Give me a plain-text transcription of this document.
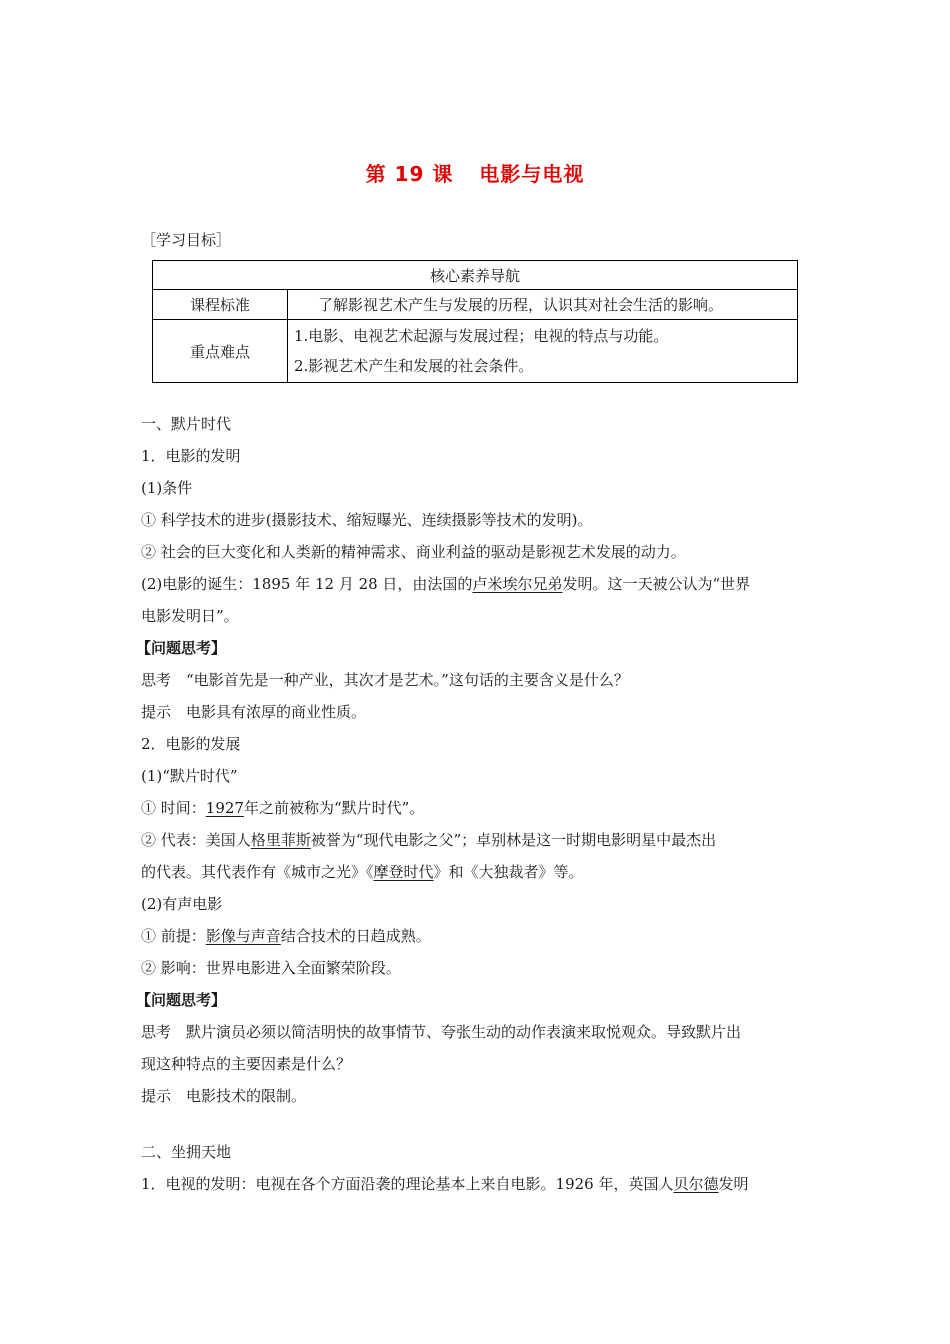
第 19 课 电影与电视
［学习目标］
核心素养导航	
课程标准	了解影视艺术产生与发展的历程，认识其对社会生活的影响。
重点难点	1.电影、电视艺术起源与发展过程；电视的特点与功能。
2.影视艺术产生和发展的社会条件。
一、默片时代
1．电影的发明
(1)条件
① 科学技术的进步(摄影技术、缩短曝光、连续摄影等技术的发明)。
② 社会的巨大变化和人类新的精神需求、商业利益的驱动是影视艺术发展的动力。
(2)电影的诞生：1895 年 12 月 28 日，由法国的卢米埃尔兄弟发明。这一天被公认为“世界
电影发明日”。
【问题思考】
思考　“电影首先是一种产业，其次才是艺术。”这句话的主要含义是什么？
提示　电影具有浓厚的商业性质。
2．电影的发展
(1)“默片时代”
① 时间：1927年之前被称为“默片时代”。
② 代表：美国人格里菲斯被誉为“现代电影之父”；卓别林是这一时期电影明星中最杰出
的代表。其代表作有《城市之光》《摩登时代》和《大独裁者》等。
(2)有声电影
① 前提：影像与声音结合技术的日趋成熟。
② 影响：世界电影进入全面繁荣阶段。
【问题思考】
思考　默片演员必须以简洁明快的故事情节、夸张生动的动作表演来取悦观众。导致默片出
现这种特点的主要因素是什么？
提示　电影技术的限制。
二、坐拥天地
1．电视的发明：电视在各个方面沿袭的理论基本上来自电影。1926 年，英国人贝尔德发明
